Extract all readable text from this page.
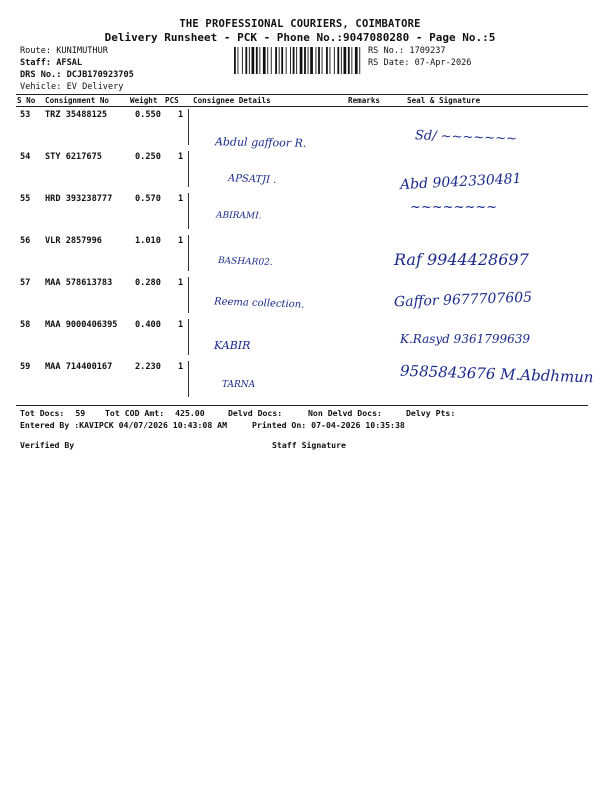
THE PROFESSIONAL COURIERS, COIMBATORE
Delivery Runsheet - PCK - Phone No.:9047080280 - Page No.:5
Route: KUNIMUTHUR
Staff: AFSAL
DRS No.: DCJB170923705
Vehicle: EV Delivery
RS No.: 1709237
RS Date: 07-Apr-2026
S No Consignment No	Weight PCS Consignee Details	Remarks	Seal & Signature
53 TRZ 35488125	0.550 1
Abdul gaffoor R.	Sd/ ~~~~~~~
54 STY 6217675	0.250 1
APSATJI .	Abd 9042330481
55 HRD 393238777	0.570 1
ABIRAMI.
~~~~~~~~
56 VLR 2857996	1.010 1
BASHAR02.	Raf 9944428697
57 MAA 578613783	0.280 1
Reema collection.	Gaffor 9677707605
58 MAA 9000406395 0.400 1
KABIR	K.Rasyd 9361799639
59 MAA 714400167	2.230 1
TARNA	9585843676 M.Abdhmun
Tot Docs: 59 Tot COD Amt: 425.00	Delvd Docs:	Non Delvd Docs:	Delvy Pts:
Entered By :KAVIPCK 04/07/2026 10:43:08 AM	Printed On: 07-04-2026 10:35:38
Verified By	Staff Signature
